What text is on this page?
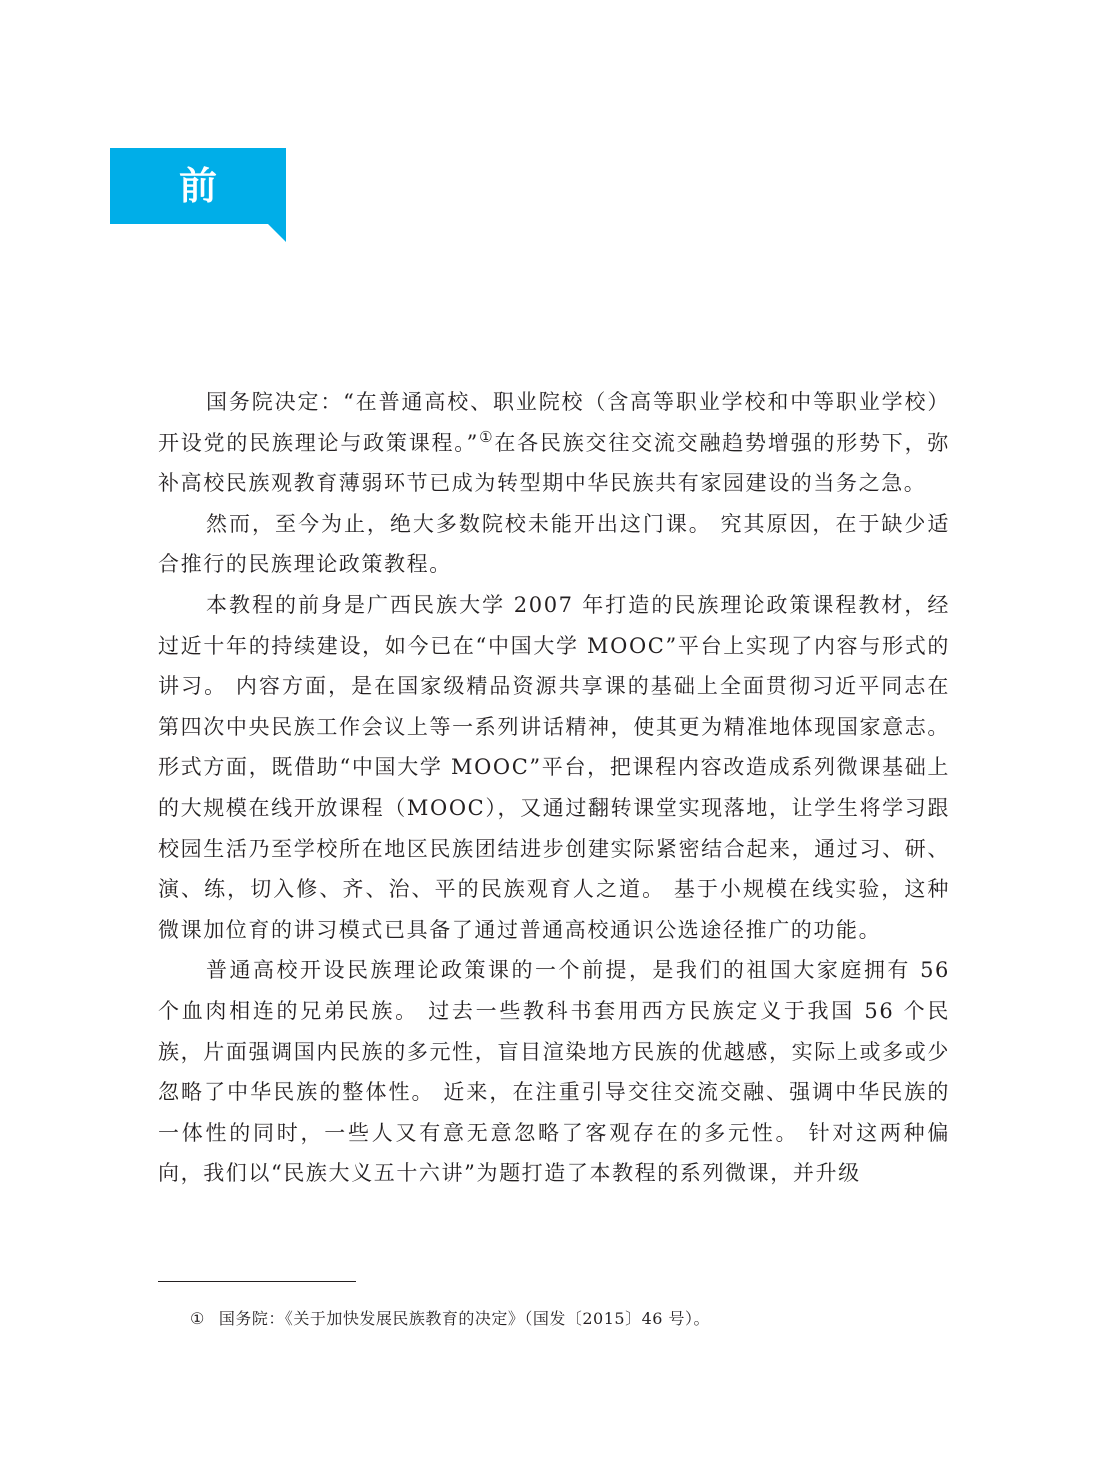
前 言

国务院决定：“在普通高校、职业院校（含高等职业学校和中等职业学校）开设党的民族理论与政策课程。”①在各民族交往交流交融趋势增强的形势下，弥补高校民族观教育薄弱环节已成为转型期中华民族共有家园建设的当务之急。

然而，至今为止，绝大多数院校未能开出这门课。 究其原因，在于缺少适合推行的民族理论政策教程。

本教程的前身是广西民族大学 2007 年打造的民族理论政策课程教材，经过近十年的持续建设，如今已在“中国大学 MOOC”平台上实现了内容与形式的讲习。 内容方面，是在国家级精品资源共享课的基础上全面贯彻习近平同志在第四次中央民族工作会议上等一系列讲话精神，使其更为精准地体现国家意志。 形式方面，既借助“中国大学 MOOC”平台，把课程内容改造成系列微课基础上的大规模在线开放课程（MOOC），又通过翻转课堂实现落地，让学生将学习跟校园生活乃至学校所在地区民族团结进步创建实际紧密结合起来，通过习、研、演、练，切入修、齐、治、平的民族观育人之道。 基于小规模在线实验，这种微课加位育的讲习模式已具备了通过普通高校通识公选途径推广的功能。

普通高校开设民族理论政策课的一个前提，是我们的祖国大家庭拥有 56 个血肉相连的兄弟民族。 过去一些教科书套用西方民族定义于我国 56 个民族，片面强调国内民族的多元性，盲目渲染地方民族的优越感，实际上或多或少忽略了中华民族的整体性。 近来，在注重引导交往交流交融、强调中华民族的一体性的同时，一些人又有意无意忽略了客观存在的多元性。 针对这两种偏向，我们以“民族大义五十六讲”为题打造了本教程的系列微课，并升级

① 国务院：《关于加快发展民族教育的决定》（国发〔2015〕46 号）。
